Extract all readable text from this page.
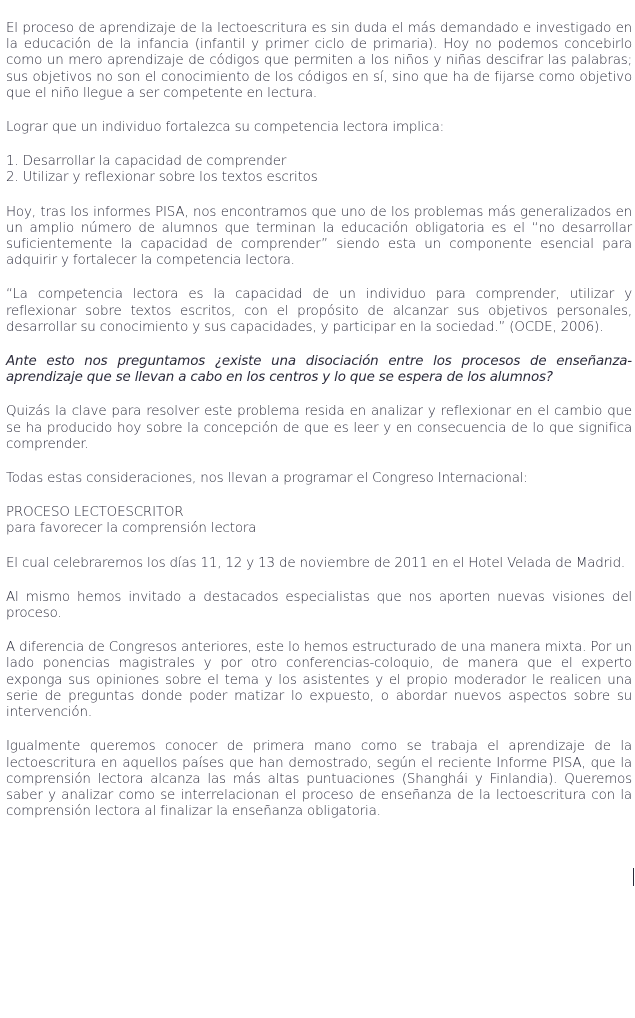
El proceso de aprendizaje de la lectoescritura es sin duda el más demandado e investigado en la educación de la infancia (infantil y primer ciclo de primaria). Hoy no podemos concebirlo como un mero aprendizaje de códigos que permiten a los niños y niñas descifrar las palabras; sus objetivos no son el conocimiento de los códigos en sí, sino que ha de fijarse como objetivo que el niño llegue a ser competente en lectura.

Lograr que un individuo fortalezca su competencia lectora implica:

1. Desarrollar la capacidad de comprender

2. Utilizar y reflexionar sobre los textos escritos

Hoy, tras los informes PISA, nos encontramos que uno de los problemas más generalizados en un amplio número de alumnos que terminan la educación obligatoria es el “no desarrollar suficientemente la capacidad de comprender” siendo esta un componente esencial para adquirir y fortalecer la competencia lectora.

“La competencia lectora es la capacidad de un individuo para comprender, utilizar y reflexionar sobre textos escritos, con el propósito de alcanzar sus objetivos personales, desarrollar su conocimiento y sus capacidades, y participar en la sociedad.” (OCDE, 2006).

Ante esto nos preguntamos ¿existe una disociación entre los procesos de enseñanza-aprendizaje que se llevan a cabo en los centros y lo que se espera de los alumnos?

Quizás la clave para resolver este problema resida en analizar y reflexionar en el cambio que se ha producido hoy sobre la concepción de que es leer y en consecuencia de lo que significa comprender.

Todas estas consideraciones, nos llevan a programar el Congreso Internacional:

PROCESO LECTOESCRITOR

para favorecer la comprensión lectora

El cual celebraremos los días 11, 12 y 13 de noviembre de 2011 en el Hotel Velada de Madrid.

Al mismo hemos invitado a destacados especialistas que nos aporten nuevas visiones del proceso.

A diferencia de Congresos anteriores, este lo hemos estructurado de una manera mixta. Por un lado ponencias magistrales y por otro conferencias-coloquio, de manera que el experto exponga sus opiniones sobre el tema y los asistentes y el propio moderador le realicen una serie de preguntas donde poder matizar lo expuesto, o abordar nuevos aspectos sobre su intervención.

Igualmente queremos conocer de primera mano como se trabaja el aprendizaje de la lectoescritura en aquellos países que han demostrado, según el reciente Informe PISA, que la comprensión lectora alcanza las más altas puntuaciones (Shanghái y Finlandia). Queremos saber y analizar como se interrelacionan el proceso de enseñanza de la lectoescritura con la comprensión lectora al finalizar la enseñanza obligatoria.
